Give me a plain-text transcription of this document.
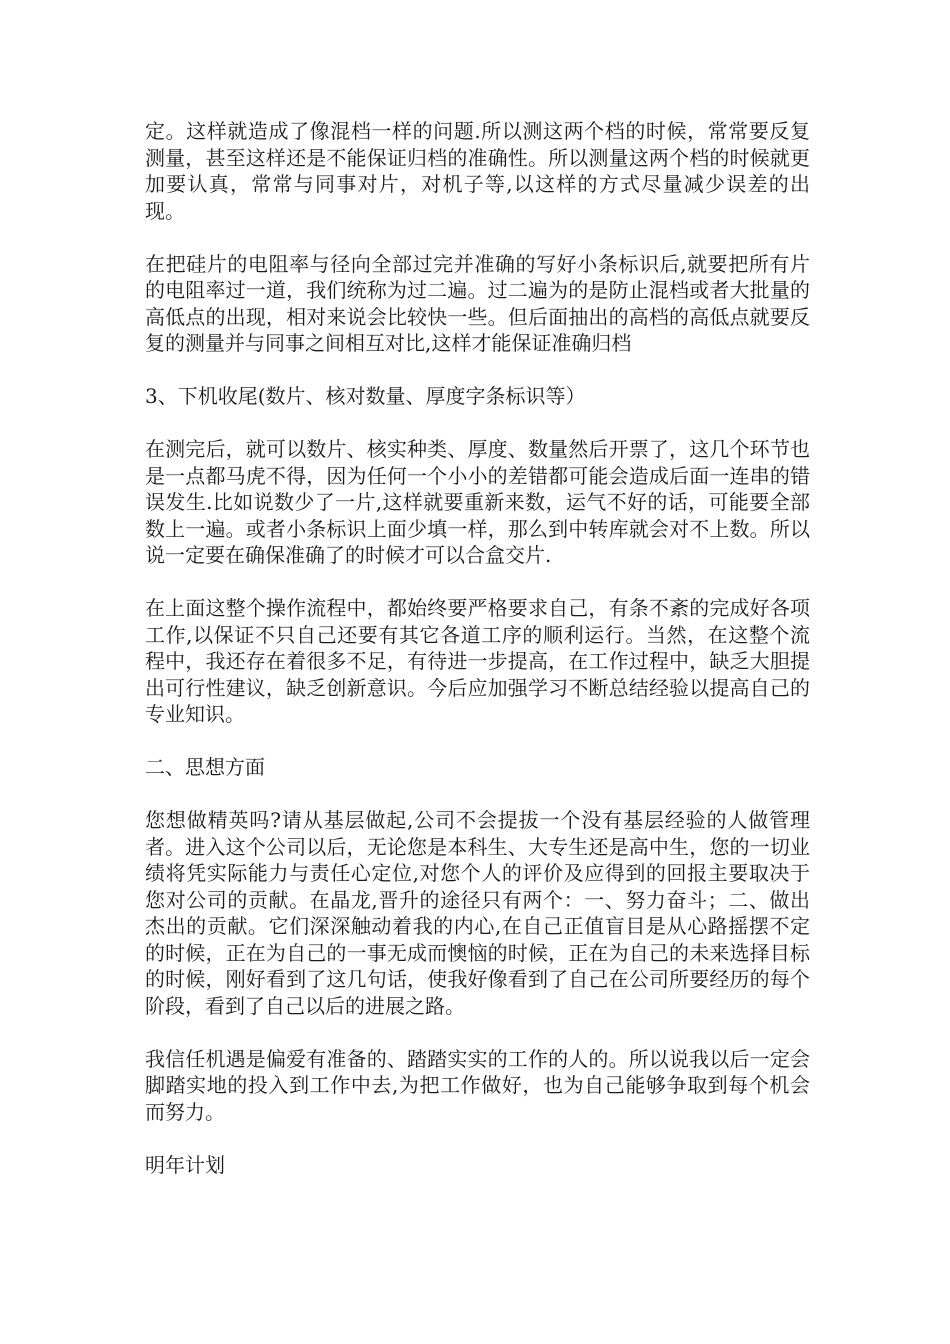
定。这样就造成了像混档一样的问题.所以测这两个档的时候，常常要反复测量，甚至这样还是不能保证归档的准确性。所以测量这两个档的时候就更加要认真，常常与同事对片，对机子等,以这样的方式尽量减少误差的出现。

在把硅片的电阻率与径向全部过完并准确的写好小条标识后,就要把所有片的电阻率过一道，我们统称为过二遍。过二遍为的是防止混档或者大批量的高低点的出现，相对来说会比较快一些。但后面抽出的高档的高低点就要反复的测量并与同事之间相互对比,这样才能保证准确归档

3、下机收尾(数片、核对数量、厚度字条标识等）

在测完后，就可以数片、核实种类、厚度、数量然后开票了，这几个环节也是一点都马虎不得，因为任何一个小小的差错都可能会造成后面一连串的错误发生.比如说数少了一片,这样就要重新来数，运气不好的话，可能要全部数上一遍。或者小条标识上面少填一样，那么到中转库就会对不上数。所以说一定要在确保准确了的时候才可以合盒交片.

在上面这整个操作流程中，都始终要严格要求自己，有条不紊的完成好各项工作,以保证不只自己还要有其它各道工序的顺利运行。当然，在这整个流程中，我还存在着很多不足，有待进一步提高，在工作过程中，缺乏大胆提出可行性建议，缺乏创新意识。今后应加强学习不断总结经验以提高自己的专业知识。

二、思想方面

您想做精英吗?请从基层做起,公司不会提拔一个没有基层经验的人做管理者。进入这个公司以后，无论您是本科生、大专生还是高中生，您的一切业绩将凭实际能力与责任心定位,对您个人的评价及应得到的回报主要取决于您对公司的贡献。在晶龙,晋升的途径只有两个：一、努力奋斗；二、做出杰出的贡献。它们深深触动着我的内心,在自己正值盲目是从心路摇摆不定的时候，正在为自己的一事无成而懊恼的时候，正在为自己的未来选择目标的时候，刚好看到了这几句话，使我好像看到了自己在公司所要经历的每个阶段，看到了自己以后的进展之路。

我信任机遇是偏爱有准备的、踏踏实实的工作的人的。所以说我以后一定会脚踏实地的投入到工作中去,为把工作做好，也为自己能够争取到每个机会而努力。

明年计划
